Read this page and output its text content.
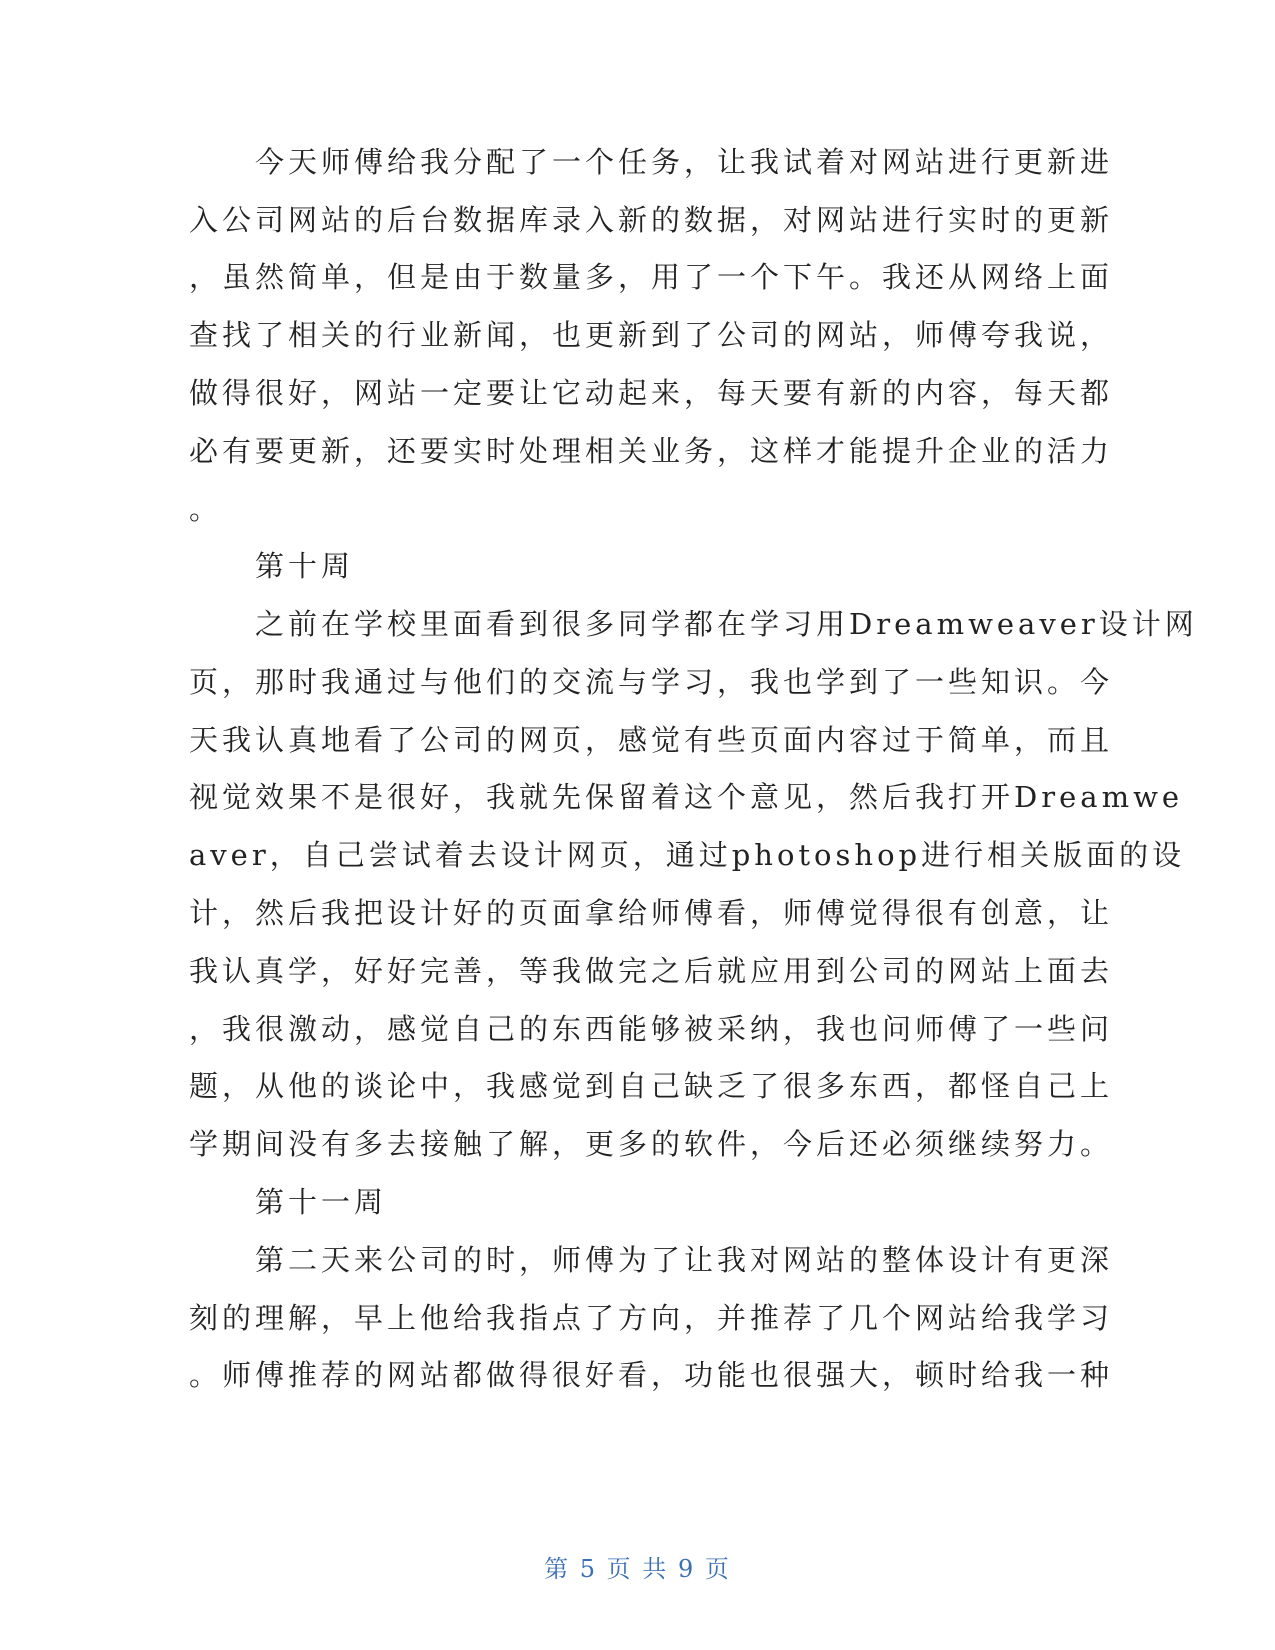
　　今天师傅给我分配了一个任务，让我试着对网站进行更新进
入公司网站的后台数据库录入新的数据，对网站进行实时的更新
，虽然简单，但是由于数量多，用了一个下午。我还从网络上面
查找了相关的行业新闻，也更新到了公司的网站，师傅夸我说，
做得很好，网站一定要让它动起来，每天要有新的内容，每天都
必有要更新，还要实时处理相关业务，这样才能提升企业的活力
。
　　第十周
　　之前在学校里面看到很多同学都在学习用Dreamweaver设计网
页，那时我通过与他们的交流与学习，我也学到了一些知识。今
天我认真地看了公司的网页，感觉有些页面内容过于简单，而且
视觉效果不是很好，我就先保留着这个意见，然后我打开Dreamwe
aver，自己尝试着去设计网页，通过photoshop进行相关版面的设
计，然后我把设计好的页面拿给师傅看，师傅觉得很有创意，让
我认真学，好好完善，等我做完之后就应用到公司的网站上面去
，我很激动，感觉自己的东西能够被采纳，我也问师傅了一些问
题，从他的谈论中，我感觉到自己缺乏了很多东西，都怪自己上
学期间没有多去接触了解，更多的软件，今后还必须继续努力。
　　第十一周
　　第二天来公司的时，师傅为了让我对网站的整体设计有更深
刻的理解，早上他给我指点了方向，并推荐了几个网站给我学习
。师傅推荐的网站都做得很好看，功能也很强大，顿时给我一种
第 5 页 共 9 页
